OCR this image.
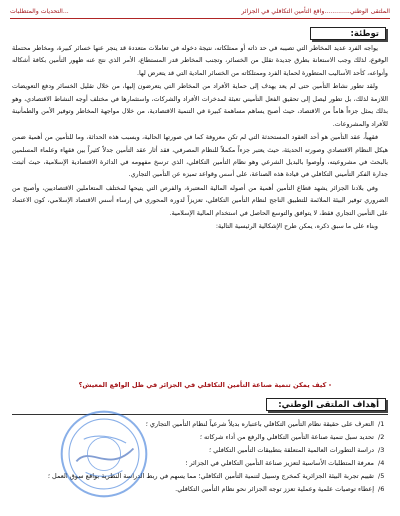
الملتقى الوطني.............واقع التأمين التكافلي في الجزائر
...التحديات والمتطلبات
توطئة:

يواجه الفرد عديد المخاطر التي تصيبه في حد ذاته أو ممتلكاته، نتيجة دخوله في تعاملات متعددة قد ينجر عنها خسائر كبيرة، ومخاطر محتملة الوقوع، لذلك وجب الاستعانة بطرق جديدة تقلل من الخسائر، وتجنب المخاطر قدر المستطاع، الأمر الذي نتج عنه ظهور التأمين بكافة أشكاله وأنواعه، كأحد الأساليب المتطورة لحماية الفرد وممتلكاته من الخسائر المادية التي قد يتعرض لها.

ولقد تطور نشاط التأمين حتى لم يعد يهدف إلى حماية الأفراد من المخاطر التي يتعرضون إليها، من خلال تقليل الخسائر ودفع التعويضات اللازمة لذلك، بل تطور ليصل إلى تحقيق الفعل التأميني تعبئة لمدخرات الأفراد والشركات، واستثمارها في مختلف أوجه النشاط الاقتصادي، وهو بذلك يمثل جزءاً هاماً من الاقتصاد، حيث أصبح يساهم مساهمة كبيرة في التنمية الاقتصادية، من خلال مواجهة المخاطر وتوفير الأمن والطمأنينة للأفراد والمشروعات.

فقهياً، عقد التأمين هو أحد العقود المستحدثة التي لم تكن معروفة كما في صورتها الحالية، وبسبب هذه الحداثة، وما للتأمين من أهمية ضمن هيكل النظام الاقتصادي وصورته الحديثة، حيث يعتبر جزءاً مكملاً للنظام المصرفي، فقد أثار عقد التأمين جدلاً كثيراً بين فقهاء وعلماء المسلمين بالبحث في مشروعيته، وأوصوا بالبديل الشرعي وهو نظام التأمين التكافلي، الذي ترسخ مفهومه في الدائرة الاقتصادية الإسلامية، حيث أثبتت جدارة الفكر التأميني التكافلي في قيادة هذه الصناعة، على أسس وقواعد تميزه عن التأمين التجاري.

وفي بلادنا الجزائر يشهد قطاع التأمين أهمية من أصوله المالية المعتبرة، والفرص التي يتيحها لمختلف المتعاملين الاقتصاديين، وأصبح من الضروري توفير البيئة الملائمة للتطبيق الناجح لنظام التأمين التكافلي، تعزيزاً لدوره المحوري في إرساء أسس الاقتصاد الإسلامي، كون الاعتماد على التأمين التجاري فقط، لا يتوافق والتوسع الحاصل في استخدام المالية الإسلامية.

وبناء على ما سبق ذكره، يمكن طرح الإشكالية الرئيسية التالية:

- كيف يمكن تنمية صناعة التأمين التكافلي في الجزائر في ظل الواقع المعيش؟
أهداف الملتقى الوطني:
1/
التعرف على حقيقة نظام التأمين التكافلي باعتباره بديلاً شرعياً لنظام التأمين التجاري ؛
2/
تحديد سبل تنمية صناعة التأمين التكافلي والرفع من أداء شركاته ؛
3/
دراسة التطورات العالمية المتعلقة بتطبيقات التأمين التكافلي ؛
4/
معرفة المتطلبات الأساسية لتعزيز صناعة التأمين التكافلي في الجزائر ؛
5/
تقييم تجربة البيئة الجزائرية كمخرج وسبيل لتنمية التأمين التكافلي؛ مما يسهم في ربط الدراسة النظرية بواقع سوق العمل ؛
6/
إعطاء توصيات علمية وعملية تعزز توجه الجزائر نحو نظام التأمين التكافلي.
